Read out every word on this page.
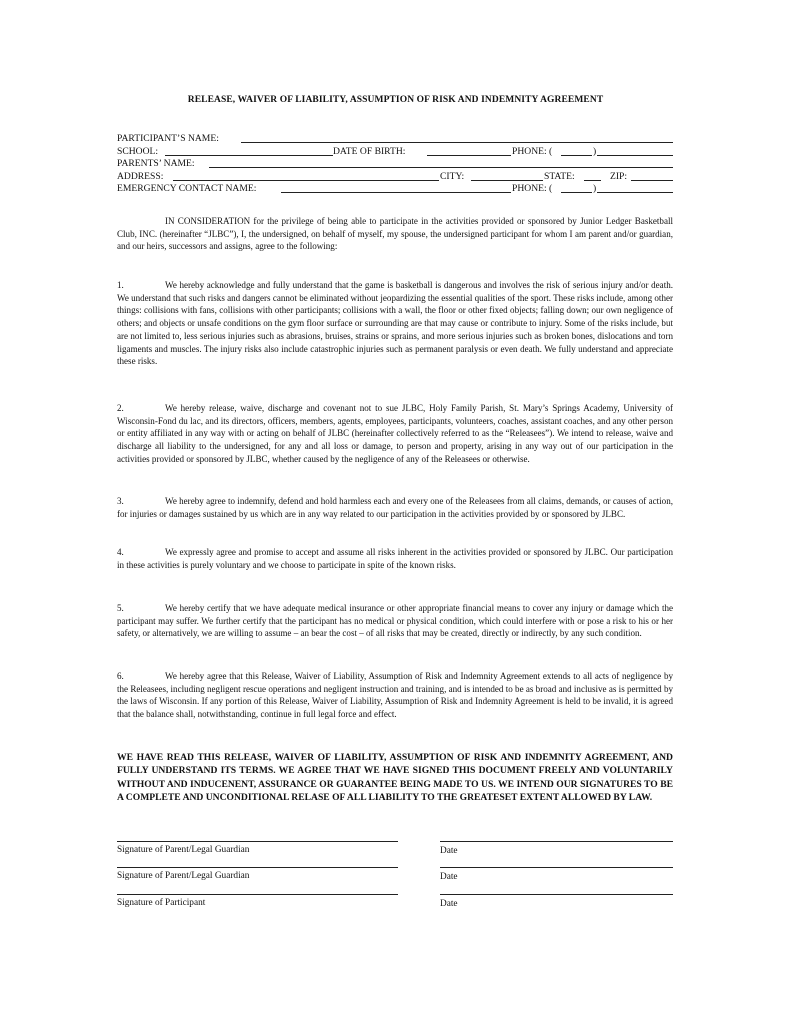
RELEASE, WAIVER OF LIABILITY, ASSUMPTION OF RISK AND INDEMNITY AGREEMENT
PARTICIPANT’S NAME:
SCHOOL:	DATE OF BIRTH:	PHONE: (	)
PARENTS’ NAME:
ADDRESS:	CITY:	STATE:	ZIP:
EMERGENCY CONTACT NAME:	PHONE: (	)

IN CONSIDERATION for the privilege of being able to participate in the activities provided or sponsored by Junior Ledger Basketball Club, INC. (hereinafter “JLBC”), I, the undersigned, on behalf of myself, my spouse, the undersigned participant for whom I am parent and/or guardian, and our heirs, successors and assigns, agree to the following:

1.	We hereby acknowledge and fully understand that the game is basketball is dangerous and involves the risk of serious injury and/or death. We understand that such risks and dangers cannot be eliminated without jeopardizing the essential qualities of the sport. These risks include, among other things: collisions with fans, collisions with other participants; collisions with a wall, the floor or other fixed objects; falling down; our own negligence of others; and objects or unsafe conditions on the gym floor surface or surrounding are that may cause or contribute to injury. Some of the risks include, but are not limited to, less serious injuries such as abrasions, bruises, strains or sprains, and more serious injuries such as broken bones, dislocations and torn ligaments and muscles. The injury risks also include catastrophic injuries such as permanent paralysis or even death. We fully understand and appreciate these risks.

2.	We hereby release, waive, discharge and covenant not to sue JLBC, Holy Family Parish, St. Mary’s Springs Academy, University of Wisconsin-Fond du lac, and its directors, officers, members, agents, employees, participants, volunteers, coaches, assistant coaches, and any other person or entity affiliated in any way with or acting on behalf of JLBC (hereinafter collectively referred to as the “Releasees”). We intend to release, waive and discharge all liability to the undersigned, for any and all loss or damage, to person and property, arising in any way out of our participation in the activities provided or sponsored by JLBC, whether caused by the negligence of any of the Releasees or otherwise.

3.	We hereby agree to indemnify, defend and hold harmless each and every one of the Releasees from all claims, demands, or causes of action, for injuries or damages sustained by us which are in any way related to our participation in the activities provided by or sponsored by JLBC.

4.	We expressly agree and promise to accept and assume all risks inherent in the activities provided or sponsored by JLBC. Our participation in these activities is purely voluntary and we choose to participate in spite of the known risks.

5.	We hereby certify that we have adequate medical insurance or other appropriate financial means to cover any injury or damage which the participant may suffer. We further certify that the participant has no medical or physical condition, which could interfere with or pose a risk to his or her safety, or alternatively, we are willing to assume – an bear the cost – of all risks that may be created, directly or indirectly, by any such condition.

6.	We hereby agree that this Release, Waiver of Liability, Assumption of Risk and Indemnity Agreement extends to all acts of negligence by the Releasees, including negligent rescue operations and negligent instruction and training, and is intended to be as broad and inclusive as is permitted by the laws of Wisconsin. If any portion of this Release, Waiver of Liability, Assumption of Risk and Indemnity Agreement is held to be invalid, it is agreed that the balance shall, notwithstanding, continue in full legal force and effect.

WE HAVE READ THIS RELEASE, WAIVER OF LIABILITY, ASSUMPTION OF RISK AND INDEMNITY AGREEMENT, AND FULLY UNDERSTAND ITS TERMS. WE AGREE THAT WE HAVE SIGNED THIS DOCUMENT FREELY AND VOLUNTARILY WITHOUT AND INDUCENENT, ASSURANCE OR GUARANTEE BEING MADE TO US. WE INTEND OUR SIGNATURES TO BE A COMPLETE AND UNCONDITIONAL RELASE OF ALL LIABILITY TO THE GREATESET EXTENT ALLOWED BY LAW.

Signature of Parent/Legal Guardian	Date
Signature of Parent/Legal Guardian	Date
Signature of Participant	Date
